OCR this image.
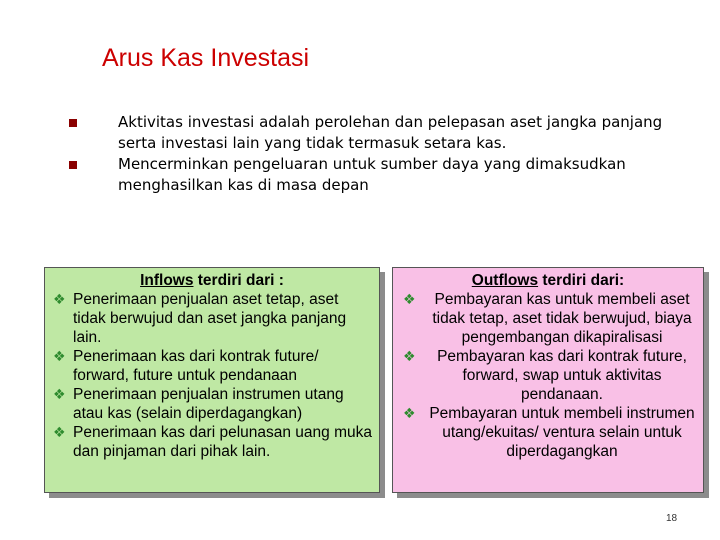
Arus Kas Investasi
Aktivitas investasi adalah perolehan dan pelepasan aset jangka panjang serta investasi lain yang tidak termasuk setara kas.
Mencerminkan pengeluaran untuk sumber daya yang dimaksudkan menghasilkan kas di masa depan
Inflows terdiri dari :
❖ Penerimaan penjualan aset tetap, aset tidak berwujud dan aset jangka panjang lain.
❖ Penerimaan kas dari kontrak future/ forward, future untuk pendanaan
❖ Penerimaan penjualan instrumen utang atau kas (selain diperdagangkan)
❖ Penerimaan kas dari pelunasan uang muka dan pinjaman dari pihak lain.
Outflows terdiri dari:
❖	Pembayaran kas untuk membeli aset tidak tetap, aset tidak berwujud, biaya pengembangan dikapiralisasi
❖	Pembayaran kas dari kontrak future, forward, swap untuk aktivitas pendanaan.
❖ Pembayaran untuk membeli instrumen utang/ekuitas/ ventura selain untuk diperdagangkan
18
